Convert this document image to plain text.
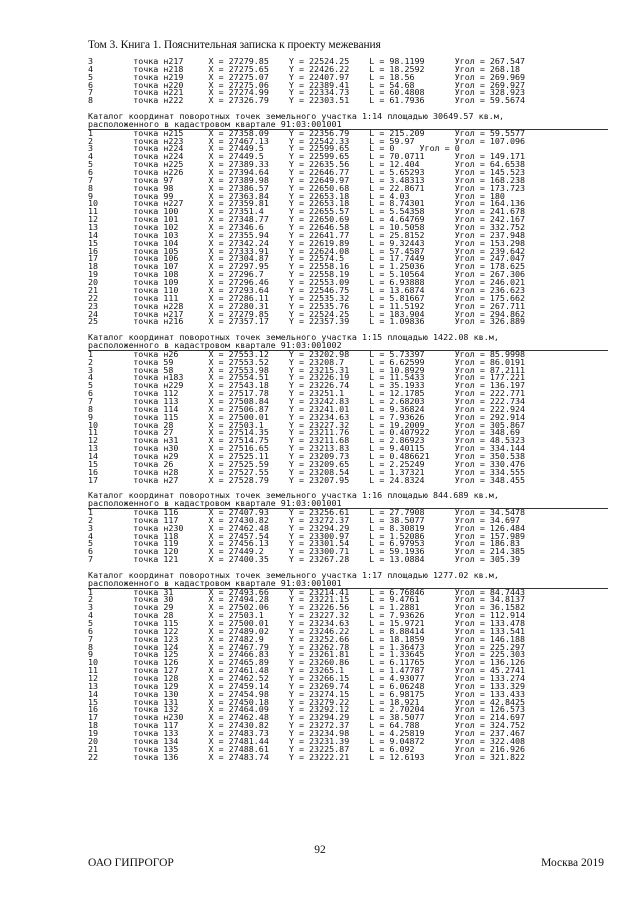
Том 3. Книга 1. Пояснительная записка к проекту межевания
3        точка н217     X = 27279.85    Y = 22524.25    L = 98.1199      Угол = 267.547
4        точка н218     X = 27275.65    Y = 22426.22    L = 18.2592      Угол = 268.18
5        точка н219     X = 27275.07    Y = 22407.97    L = 18.56        Угол = 269.969
6        точка н220     X = 27275.06    Y = 22389.41    L = 54.68        Угол = 269.927
7        точка н221     X = 27274.99    Y = 22334.73    L = 60.4808      Угол = 328.923
8        точка н222     X = 27326.79    Y = 22303.51    L = 61.7936      Угол = 59.5674
Каталог координат поворотных точек земельного участка 1:14 площадью 30649.57 кв.м,
расположенного в кадастровом квартале 91:03:001001
1        точка н215     X = 27358.09    Y = 22356.79    L = 215.209      Угол = 59.5577
2        точка н223     X = 27467.13    Y = 22542.33    L = 59.97        Угол = 107.096
3        точка н224     X = 27449.5     Y = 22599.65    L = 0     Угол = 0
4        точка н224     X = 27449.5     Y = 22599.65    L = 70.0711      Угол = 149.171
5        точка н225     X = 27389.33    Y = 22635.56    L = 12.404       Угол = 64.6538
6        точка н226     X = 27394.64    Y = 22646.77    L = 5.65293      Угол = 145.523
7        точка 97       X = 27389.98    Y = 22649.97    L = 3.48313      Угол = 168.238
8        точка 98       X = 27386.57    Y = 22650.68    L = 22.8671      Угол = 173.723
9        точка 99       X = 27363.84    Y = 22653.18    L = 4.03         Угол = 180
10       точка н227     X = 27359.81    Y = 22653.18    L = 8.74301      Угол = 164.136
11       точка 100      X = 27351.4     Y = 22655.57    L = 5.54358      Угол = 241.678
12       точка 101      X = 27348.77    Y = 22650.69    L = 4.64769      Угол = 242.167
13       точка 102      X = 27346.6     Y = 22646.58    L = 10.5058      Угол = 332.752
14       точка 103      X = 27355.94    Y = 22641.77    L = 25.8152      Угол = 237.948
15       точка 104      X = 27342.24    Y = 22619.89    L = 9.32443      Угол = 153.298
16       точка 105      X = 27333.91    Y = 22624.08    L = 57.4587      Угол = 239.642
17       точка 106      X = 27304.87    Y = 22574.5     L = 17.7449      Угол = 247.047
18       точка 107      X = 27297.95    Y = 22558.16    L = 1.25036      Угол = 178.625
19       точка 108      X = 27296.7     Y = 22558.19    L = 5.10564      Угол = 267.306
20       точка 109      X = 27296.46    Y = 22553.09    L = 6.93888      Угол = 246.021
21       точка 110      X = 27293.64    Y = 22546.75    L = 13.6874      Угол = 236.623
22       точка 111      X = 27286.11    Y = 22535.32    L = 5.81667      Угол = 175.662
23       точка н228     X = 27280.31    Y = 22535.76    L = 11.5192      Угол = 267.711
24       точка н217     X = 27279.85    Y = 22524.25    L = 183.904      Угол = 294.862
25       точка н216     X = 27357.17    Y = 22357.39    L = 1.09836      Угол = 326.889
Каталог координат поворотных точек земельного участка 1:15 площадью 1422.08 кв.м,
расположенного в кадастровом квартале 91:03:001002
1        точка н26      X = 27553.12    Y = 23202.98    L = 5.73397      Угол = 85.9998
2        точка 59       X = 27553.52    Y = 23208.7     L = 6.62599      Угол = 86.0191
3        точка 58       X = 27553.98    Y = 23215.31    L = 10.8929      Угол = 87.2111
4        точка н183     X = 27554.51    Y = 23226.19    L = 11.5433      Угол = 177.221
5        точка н229     X = 27543.18    Y = 23226.74    L = 35.1933      Угол = 136.197
6        точка 112      X = 27517.78    Y = 23251.1     L = 12.1785      Угол = 222.771
7        точка 113      X = 27508.84    Y = 23242.83    L = 2.68203      Угол = 222.734
8        точка 114      X = 27506.87    Y = 23241.01    L = 9.36824      Угол = 222.924
9        точка 115      X = 27500.01    Y = 23234.63    L = 7.93626      Угол = 292.914
10       точка 28       X = 27503.1     Y = 23227.32    L = 19.2009      Угол = 305.867
11       точка 27       X = 27514.35    Y = 23211.76    L = 0.407922     Угол = 348.69
12       точка н31      X = 27514.75    Y = 23211.68    L = 2.86923      Угол = 48.5323
13       точка н30      X = 27516.65    Y = 23213.83    L = 9.40115      Угол = 334.144
14       точка н29      X = 27525.11    Y = 23209.73    L = 0.486621     Угол = 350.538
15       точка 26       X = 27525.59    Y = 23209.65    L = 2.25249      Угол = 330.476
16       точка н28      X = 27527.55    Y = 23208.54    L = 1.37321      Угол = 334.555
17       точка н27      X = 27528.79    Y = 23207.95    L = 24.8324      Угол = 348.455
Каталог координат поворотных точек земельного участка 1:16 площадью 844.689 кв.м,
расположенного в кадастровом квартале 91:03:001001
1        точка 116      X = 27407.93    Y = 23256.61    L = 27.7908      Угол = 34.5478
2        точка 117      X = 27430.82    Y = 23272.37    L = 38.5077      Угол = 34.697
3        точка н230     X = 27462.48    Y = 23294.29    L = 8.30819      Угол = 126.484
4        точка 118      X = 27457.54    Y = 23300.97    L = 1.52086      Угол = 157.989
5        точка 119      X = 27456.13    Y = 23301.54    L = 6.97953      Угол = 186.83
6        точка 120      X = 27449.2     Y = 23300.71    L = 59.1936      Угол = 214.385
7        точка 121      X = 27400.35    Y = 23267.28    L = 13.0884      Угол = 305.39
Каталог координат поворотных точек земельного участка 1:17 площадью 1277.02 кв.м,
расположенного в кадастровом квартале 91:03:001001
1        точка 31       X = 27493.66    Y = 23214.41    L = 6.76846      Угол = 84.7443
2        точка 30       X = 27494.28    Y = 23221.15    L = 9.4761       Угол = 34.8137
3        точка 29       X = 27502.06    Y = 23226.56    L = 1.2881       Угол = 36.1582
4        точка 28       X = 27503.1     Y = 23227.32    L = 7.93626      Угол = 112.914
5        точка 115      X = 27500.01    Y = 23234.63    L = 15.9721      Угол = 133.478
6        точка 122      X = 27489.02    Y = 23246.22    L = 8.88414      Угол = 133.541
7        точка 123      X = 27482.9     Y = 23252.66    L = 18.1859      Угол = 146.188
8        точка 124      X = 27467.79    Y = 23262.78    L = 1.36473      Угол = 225.297
9        точка 125      X = 27466.83    Y = 23261.81    L = 1.33645      Угол = 225.303
10       точка 126      X = 27465.89    Y = 23260.86    L = 6.11765      Угол = 136.126
11       точка 127      X = 27461.48    Y = 23265.1     L = 1.47787      Угол = 45.2741
12       точка 128      X = 27462.52    Y = 23266.15    L = 4.93077      Угол = 133.274
13       точка 129      X = 27459.14    Y = 23269.74    L = 6.06248      Угол = 133.329
14       точка 130      X = 27454.98    Y = 23274.15    L = 6.98175      Угол = 133.433
15       точка 131      X = 27450.18    Y = 23279.22    L = 18.921       Угол = 42.8425
16       точка 132      X = 27464.09    Y = 23292.12    L = 2.70204      Угол = 126.573
17       точка н230     X = 27462.48    Y = 23294.29    L = 38.5077      Угол = 214.697
18       точка 117      X = 27430.82    Y = 23272.37    L = 64.788       Угол = 324.752
19       точка 133      X = 27483.73    Y = 23234.98    L = 4.25819      Угол = 237.467
20       точка 134      X = 27481.44    Y = 23231.39    L = 9.04872      Угол = 322.408
21       точка 135      X = 27488.61    Y = 23225.87    L = 6.092        Угол = 216.926
22       точка 136      X = 27483.74    Y = 23222.21    L = 12.6193      Угол = 321.822
92
ОАО ГИПРОГОР	Москва 2019
